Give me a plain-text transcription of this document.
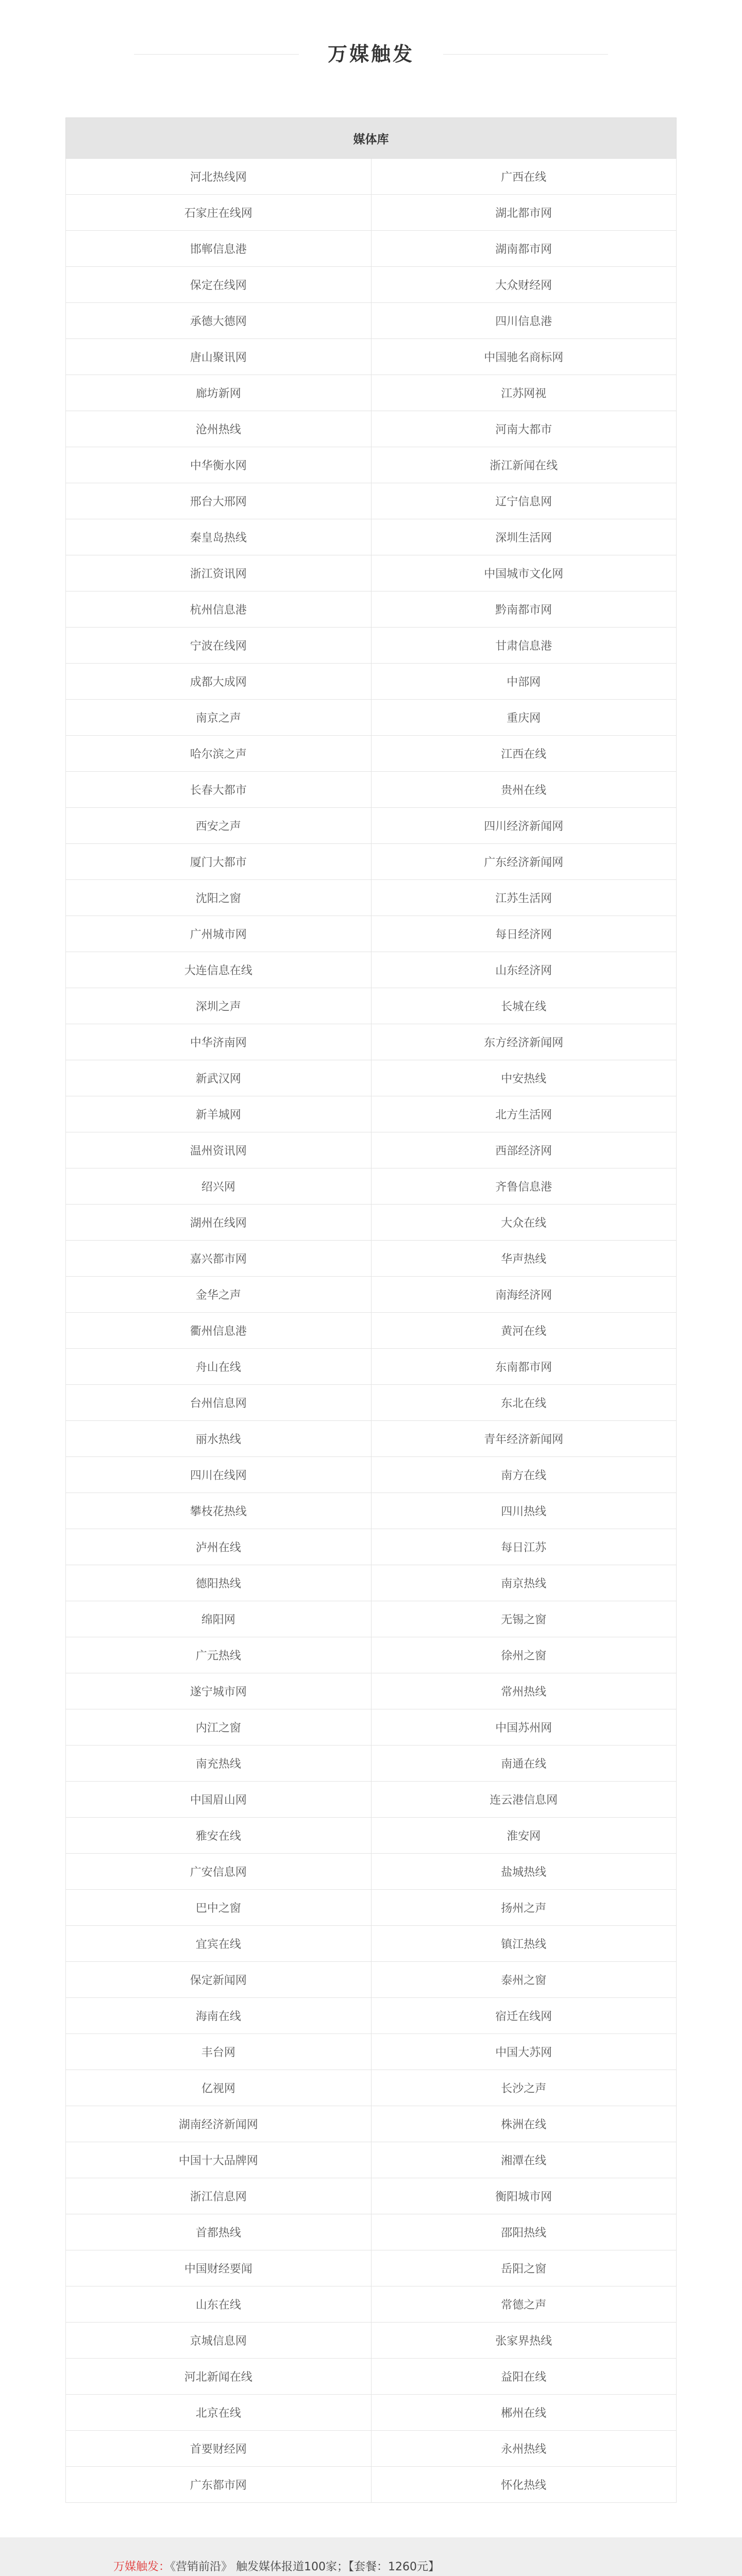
万媒触发
媒体库	
河北热线网	广西在线
石家庄在线网	湖北都市网
邯郸信息港	湖南都市网
保定在线网	大众财经网
承德大德网	四川信息港
唐山聚讯网	中国驰名商标网
廊坊新网	江苏网视
沧州热线	河南大都市
中华衡水网	浙江新闻在线
邢台大邢网	辽宁信息网
秦皇岛热线	深圳生活网
浙江资讯网	中国城市文化网
杭州信息港	黔南都市网
宁波在线网	甘肃信息港
成都大成网	中部网
南京之声	重庆网
哈尔滨之声	江西在线
长春大都市	贵州在线
西安之声	四川经济新闻网
厦门大都市	广东经济新闻网
沈阳之窗	江苏生活网
广州城市网	每日经济网
大连信息在线	山东经济网
深圳之声	长城在线
中华济南网	东方经济新闻网
新武汉网	中安热线
新羊城网	北方生活网
温州资讯网	西部经济网
绍兴网	齐鲁信息港
湖州在线网	大众在线
嘉兴都市网	华声热线
金华之声	南海经济网
衢州信息港	黄河在线
舟山在线	东南都市网
台州信息网	东北在线
丽水热线	青年经济新闻网
四川在线网	南方在线
攀枝花热线	四川热线
泸州在线	每日江苏
德阳热线	南京热线
绵阳网	无锡之窗
广元热线	徐州之窗
遂宁城市网	常州热线
内江之窗	中国苏州网
南充热线	南通在线
中国眉山网	连云港信息网
雅安在线	淮安网
广安信息网	盐城热线
巴中之窗	扬州之声
宜宾在线	镇江热线
保定新闻网	泰州之窗
海南在线	宿迁在线网
丰台网	中国大苏网
亿视网	长沙之声
湖南经济新闻网	株洲在线
中国十大品牌网	湘潭在线
浙江信息网	衡阳城市网
首都热线	邵阳热线
中国财经要闻	岳阳之窗
山东在线	常德之声
京城信息网	张家界热线
河北新闻在线	益阳在线
北京在线	郴州在线
首要财经网	永州热线
广东都市网	怀化热线
万媒触发：《营销前沿》 触发媒体报道100家；【套餐：1260元】
